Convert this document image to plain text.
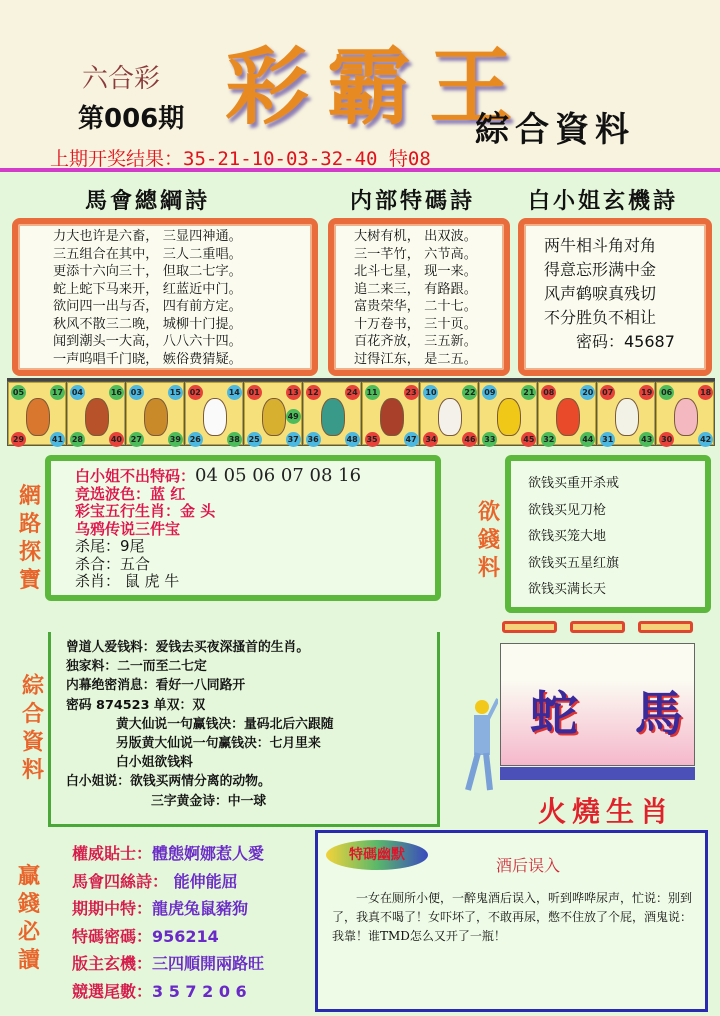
六合彩
第006期 彩霸王
綜合資料
上期开奖结果：35-21-10-03-32-40 特08
馬會總綱詩	内部特碼詩 白小姐玄機詩
力大也许是六畜， 三显四神通。
三五组合在其中， 三人二重唱。
更添十六向三十， 但取二七字。
蛇上蛇下马来开， 红蓝近中门。
欲问四一出与否， 四有前方定。
秋风不散三二晚， 城柳十门提。
闻到潮头一大高， 八八六十四。
一声呜唱千门晓， 嫉俗费猜疑。
大树有机， 出双波。
三一芊竹， 六节高。
北斗七星， 现一来。
追二来三， 有路跟。
富贵荣华， 二十七。
十万卷书， 三十页。
百花齐放， 三五新。
过得江东， 是二五。
两牛相斗角对角
得意忘形满中金
风声鹤唳真残切
不分胜负不相让
　　密码：45687
05	17
29	41
04	16
28	40
03	15
27	39
02	14
26	38
01	13
25	37
49
12	24
36	48
11	23
35	47
10	22
34	46
09	21
33	45
08	20
32	44
07	19
31	43
06	18
30	42
網路探寶
白小姐不出特码：04 05 06 07 08 16
竞选波色：蓝 红
彩宝五行生肖：金 头
乌鸦传说三件宝
杀尾：9尾
杀合：五合
杀肖： 鼠 虎 牛
欲錢料
欲钱买重开杀戒
欲钱买见刀枪
欲钱买笼大地
欲钱买五星红旗
欲钱买满长天
綜合資料
曾道人爱钱料：爱钱去买夜深搔首的生肖。
独家料：二一而至二七定
内幕绝密消息：看好一八同路开
密码 874523 单双：双
黄大仙说一句赢钱决：量码北后六跟随
另版黄大仙说一句赢钱决：七月里来
白小姐欲钱料
白小姐说：欲钱买两情分离的动物。
三字黄金诗：中一球
蛇 馬
火燒生肖
贏錢必讀
權威貼士：體態婀娜惹人愛
馬會四絲詩： 能伸能屈
期期中特：龍虎兔鼠豬狗
特碼密碼：956214
版主玄機：三四順開兩路旺
競選尾數：3 5 7 2 0 6
特碼幽默
酒后误入
一女在厕所小便，一醉鬼酒后误入，听到哗哗尿声，忙说：别到了，我真不喝了！女吓坏了，不敢再尿，憋不住放了个屁，酒鬼说：我靠！谁TMD怎么又开了一瓶！
